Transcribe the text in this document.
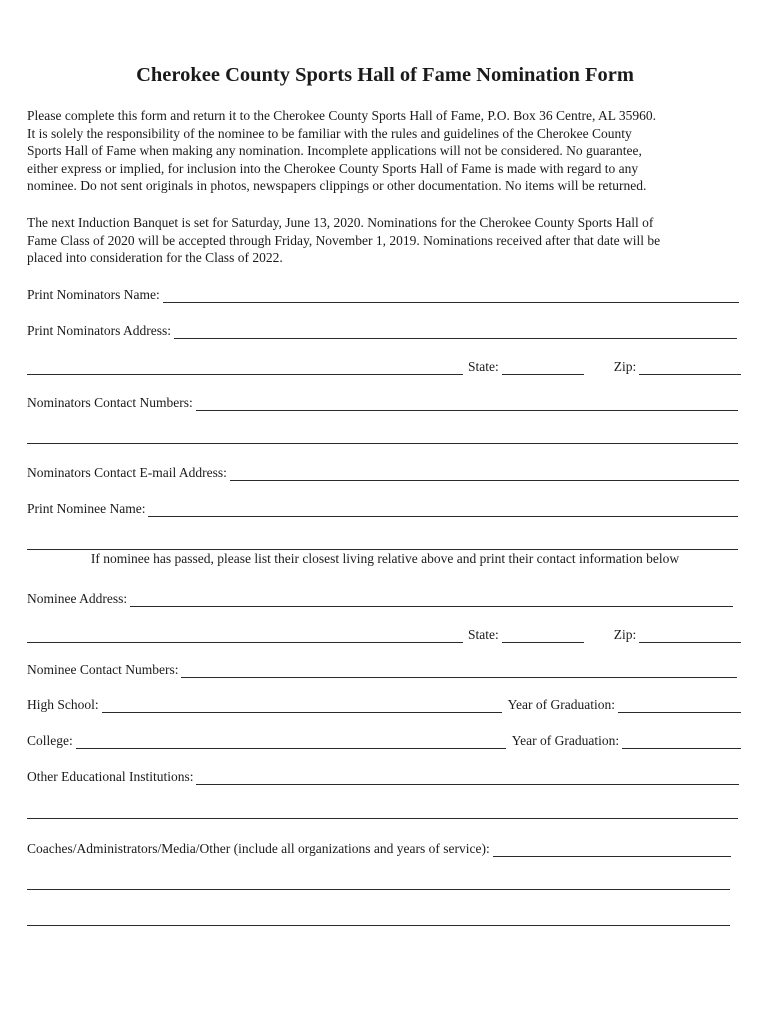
Cherokee County Sports Hall of Fame Nomination Form
Please complete this form and return it to the Cherokee County Sports Hall of Fame, P.O. Box 36 Centre, AL 35960.
It is solely the responsibility of the nominee to be familiar with the rules and guidelines of the Cherokee County
Sports Hall of Fame when making any nomination. Incomplete applications will not be considered. No guarantee,
either express or implied, for inclusion into the Cherokee County Sports Hall of Fame is made with regard to any
nominee. Do not sent originals in photos, newspapers clippings or other documentation. No items will be returned.
The next Induction Banquet is set for Saturday, June 13, 2020. Nominations for the Cherokee County Sports Hall of
Fame Class of 2020 will be accepted through Friday, November 1, 2019. Nominations received after that date will be
placed into consideration for the Class of 2022.
Print Nominators Name:
Print Nominators Address:
State:	Zip:
Nominators Contact Numbers:
Nominators Contact E-mail Address:
Print Nominee Name:
If nominee has passed, please list their closest living relative above and print their contact information below
Nominee Address:
State:	Zip:
Nominee Contact Numbers:
High School:	Year of Graduation:
College:	Year of Graduation:
Other Educational Institutions:
Coaches/Administrators/Media/Other (include all organizations and years of service):
